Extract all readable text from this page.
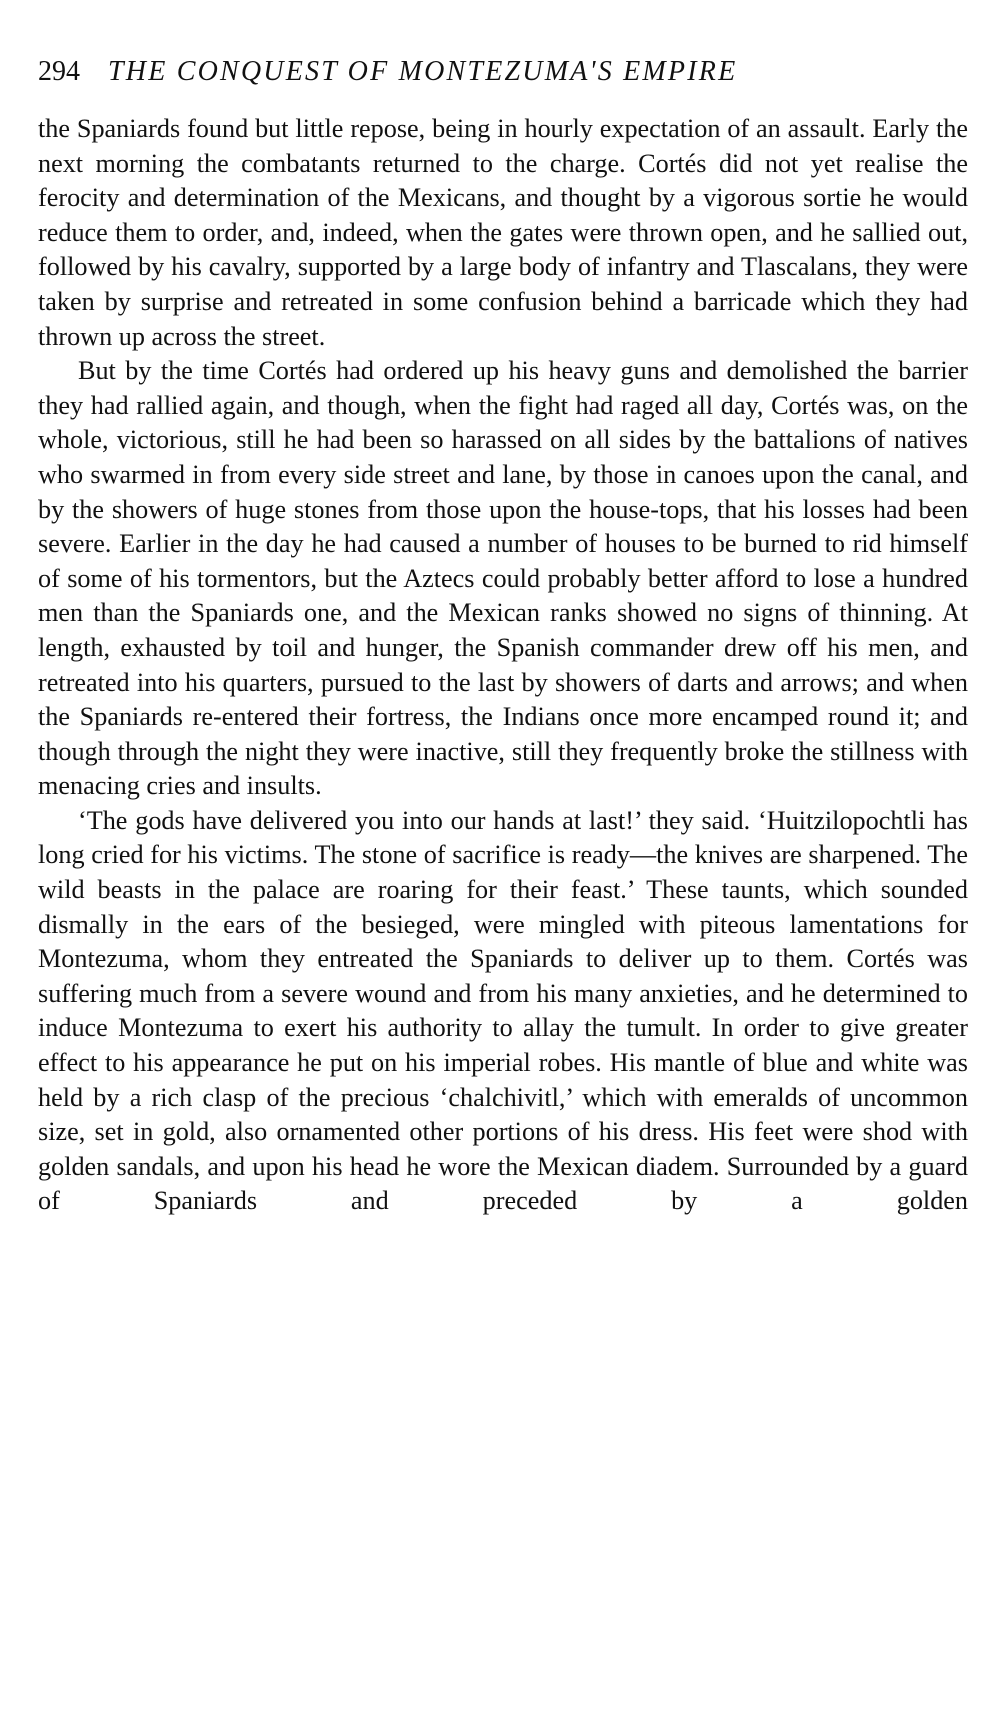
294 THE CONQUEST OF MONTEZUMA'S EMPIRE

the Spaniards found but little repose, being in hourly expectation of an assault. Early the next morning the combatants returned to the charge. Cortés did not yet realise the ferocity and determination of the Mexicans, and thought by a vigorous sortie he would reduce them to order, and, indeed, when the gates were thrown open, and he sallied out, followed by his cavalry, supported by a large body of infantry and Tlascalans, they were taken by surprise and retreated in some confusion behind a barricade which they had thrown up across the street.

But by the time Cortés had ordered up his heavy guns and demolished the barrier they had rallied again, and though, when the fight had raged all day, Cortés was, on the whole, victorious, still he had been so harassed on all sides by the battalions of natives who swarmed in from every side street and lane, by those in canoes upon the canal, and by the showers of huge stones from those upon the house-tops, that his losses had been severe. Earlier in the day he had caused a number of houses to be burned to rid himself of some of his tormentors, but the Aztecs could probably better afford to lose a hundred men than the Spaniards one, and the Mexican ranks showed no signs of thinning. At length, exhausted by toil and hunger, the Spanish commander drew off his men, and retreated into his quarters, pursued to the last by showers of darts and arrows; and when the Spaniards re-entered their fortress, the Indians once more encamped round it; and though through the night they were inactive, still they frequently broke the stillness with menacing cries and insults.

‘The gods have delivered you into our hands at last!’ they said. ‘Huitzilopochtli has long cried for his victims. The stone of sacrifice is ready—the knives are sharpened. The wild beasts in the palace are roaring for their feast.’ These taunts, which sounded dismally in the ears of the besieged, were mingled with piteous lamentations for Montezuma, whom they entreated the Spaniards to deliver up to them. Cortés was suffering much from a severe wound and from his many anxieties, and he determined to induce Montezuma to exert his authority to allay the tumult. In order to give greater effect to his appearance he put on his imperial robes. His mantle of blue and white was held by a rich clasp of the precious ‘chalchivitl,’ which with emeralds of uncommon size, set in gold, also ornamented other portions of his dress. His feet were shod with golden sandals, and upon his head he wore the Mexican diadem. Surrounded by a guard of Spaniards and preceded by a golden
